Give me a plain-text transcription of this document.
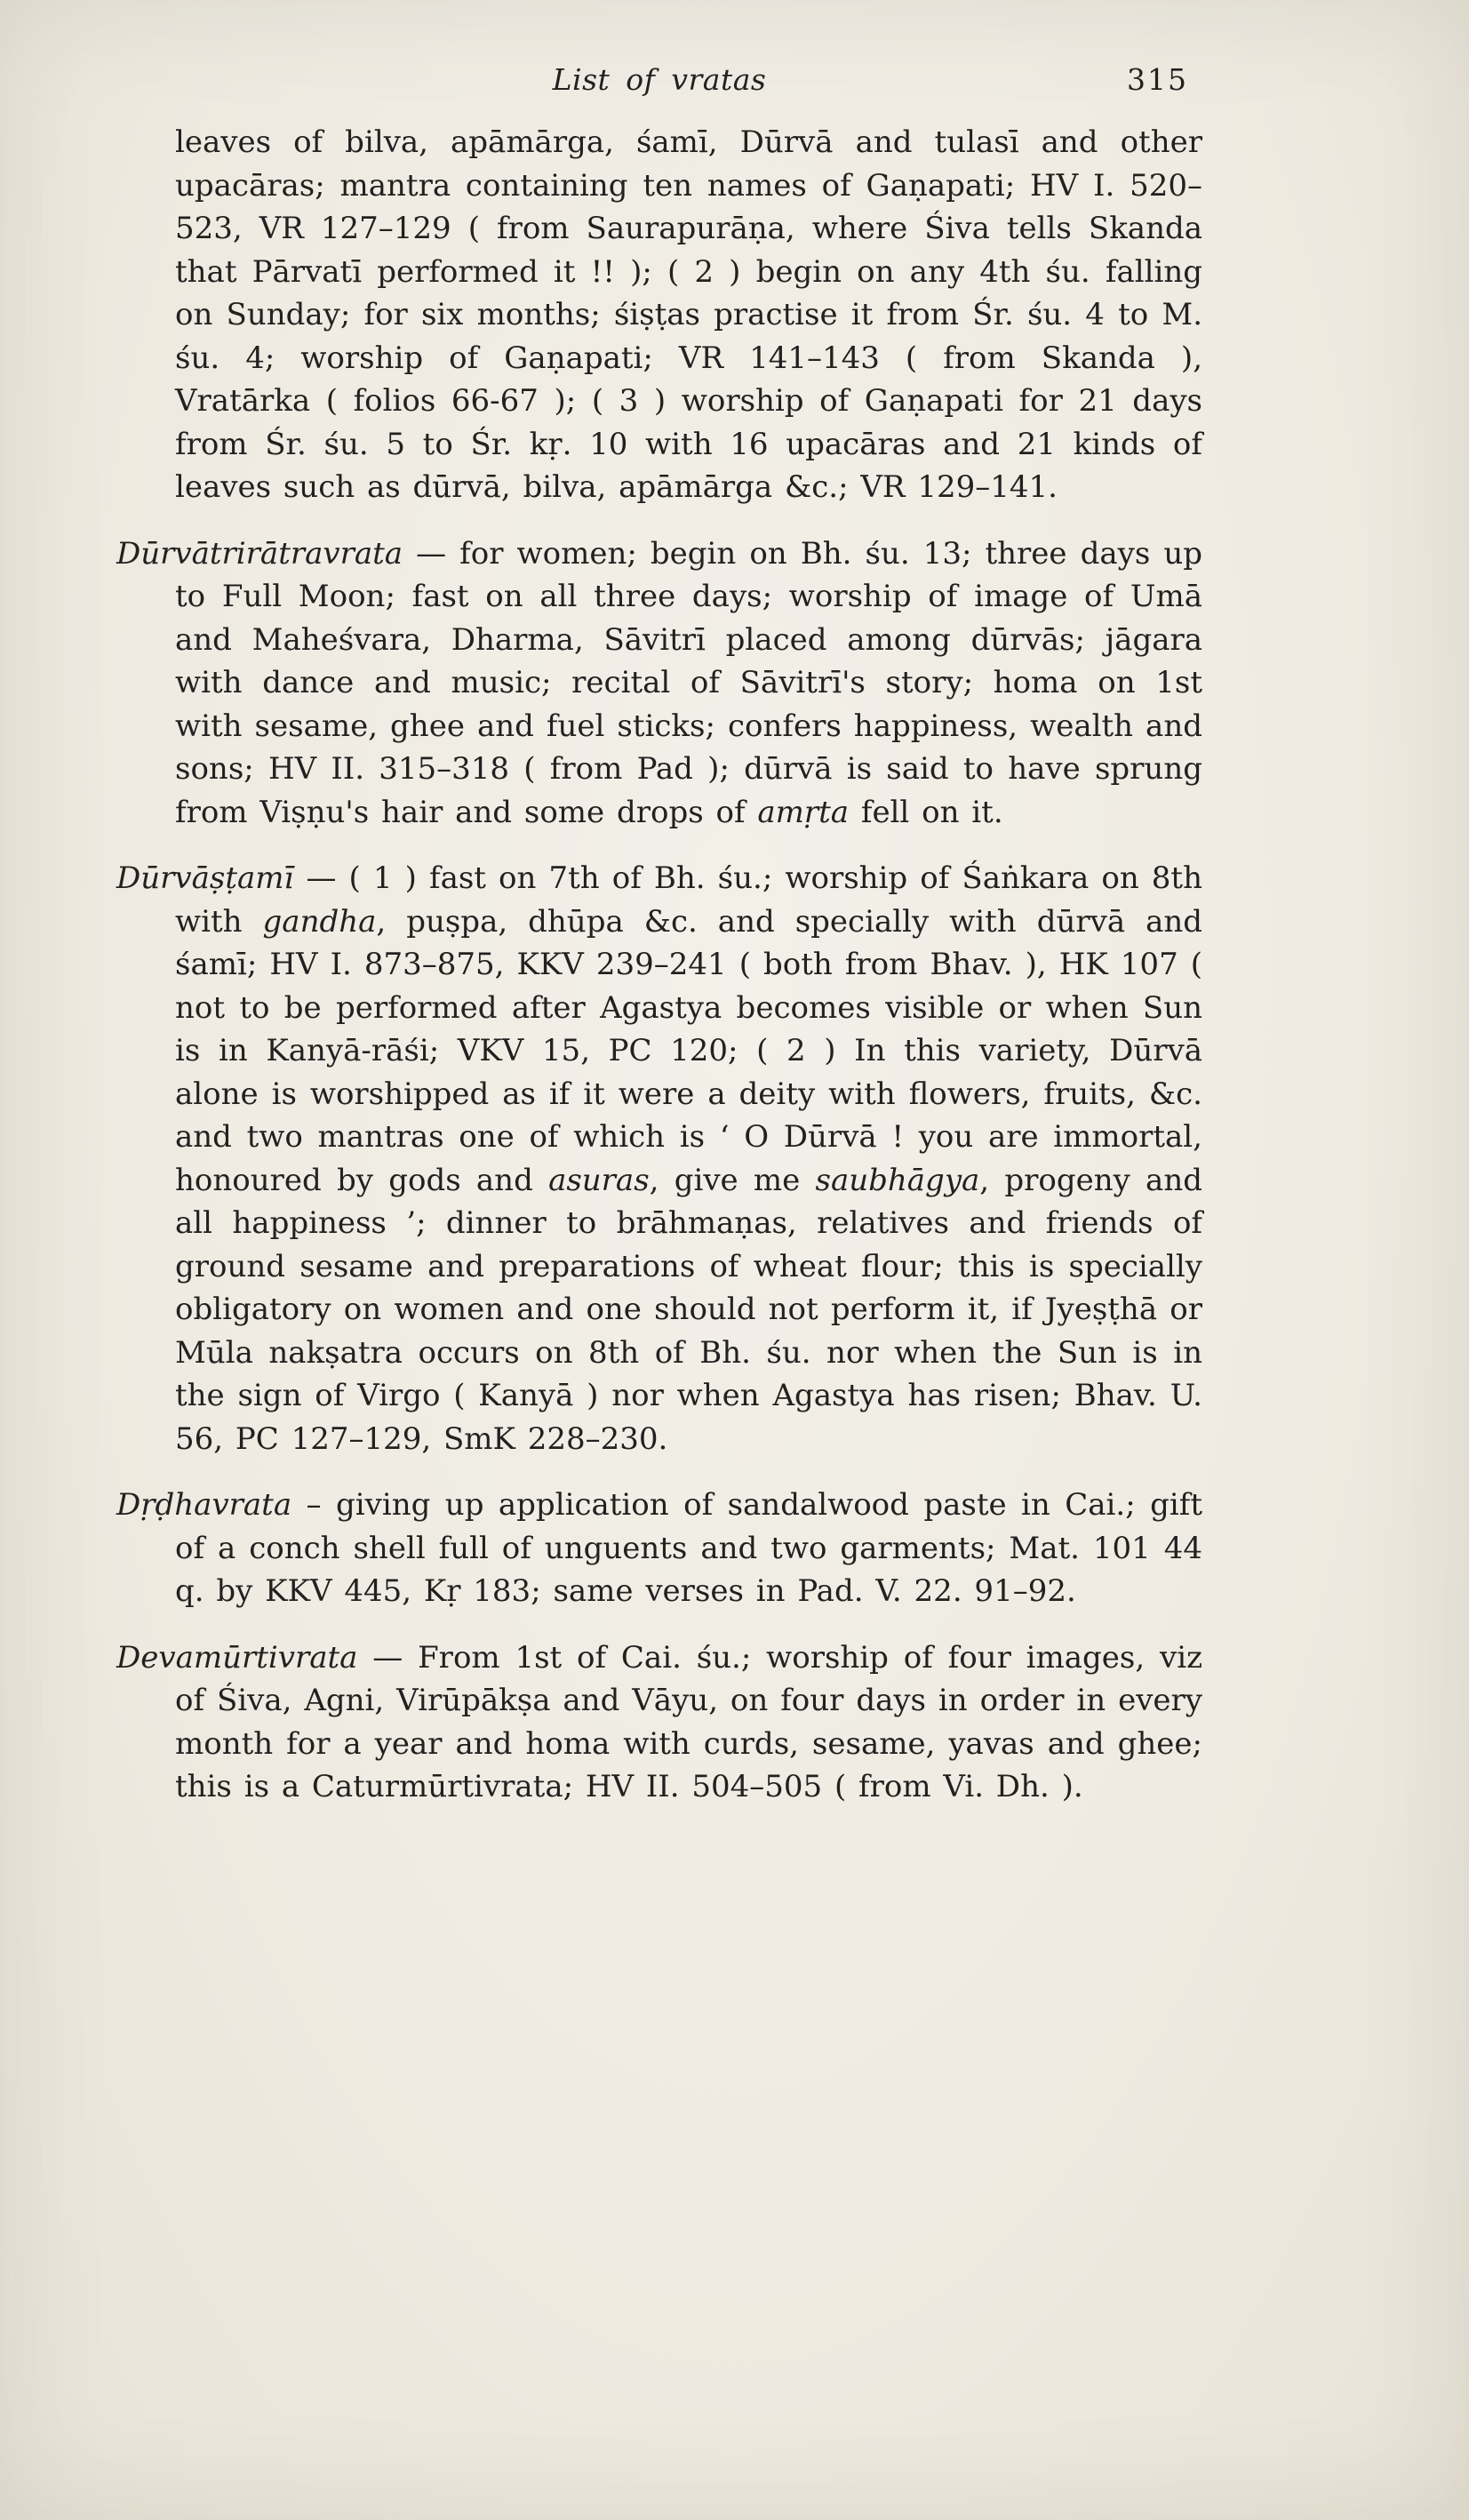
List of vratas	315

leaves of bilva, apāmārga, śamī, Dūrvā and tulasī and other upacāras; mantra containing ten names of Gaṇapati; HV I. 520–523, VR 127–129 ( from Saurapurāṇa, where Śiva tells Skanda that Pārvatī performed it !! ); ( 2 ) begin on any 4th śu. falling on Sunday; for six months; śiṣṭas practise it from Śr. śu. 4 to M. śu. 4; worship of Gaṇapati; VR 141–143 ( from Skanda ), Vratārka ( folios 66-67 ); ( 3 ) worship of Gaṇapati for 21 days from Śr. śu. 5 to Śr. kṛ. 10 with 16 upacāras and 21 kinds of leaves such as dūrvā, bilva, apāmārga &c.; VR 129–141.

Dūrvātrirātravrata — for women; begin on Bh. śu. 13; three days up to Full Moon; fast on all three days; worship of image of Umā and Maheśvara, Dharma, Sāvitrī placed among dūrvās; jāgara with dance and music; recital of Sāvitrī's story; homa on 1st with sesame, ghee and fuel sticks; confers happiness, wealth and sons; HV II. 315–318 ( from Pad ); dūrvā is said to have sprung from Viṣṇu's hair and some drops of amṛta fell on it.

Dūrvāṣṭamī — ( 1 ) fast on 7th of Bh. śu.; worship of Śaṅkara on 8th with gandha, puṣpa, dhūpa &c. and specially with dūrvā and śamī; HV I. 873–875, KKV 239–241 ( both from Bhav. ), HK 107 ( not to be performed after Agastya becomes visible or when Sun is in Kanyā-rāśi; VKV 15, PC 120; ( 2 ) In this variety, Dūrvā alone is worshipped as if it were a deity with flowers, fruits, &c. and two mantras one of which is ‘ O Dūrvā ! you are immortal, honoured by gods and asuras, give me saubhāgya, progeny and all happiness ’; dinner to brāhmaṇas, relatives and friends of ground sesame and preparations of wheat flour; this is specially obligatory on women and one should not perform it, if Jyeṣṭhā or Mūla nakṣatra occurs on 8th of Bh. śu. nor when the Sun is in the sign of Virgo ( Kanyā ) nor when Agastya has risen; Bhav. U. 56, PC 127–129, SmK 228–230.

Dṛḍhavrata – giving up application of sandalwood paste in Cai.; gift of a conch shell full of unguents and two garments; Mat. 101 44 q. by KKV 445, Kṛ 183; same verses in Pad. V. 22. 91–92.

Devamūrtivrata — From 1st of Cai. śu.; worship of four images, viz of Śiva, Agni, Virūpākṣa and Vāyu, on four days in order in every month for a year and homa with curds, sesame, yavas and ghee; this is a Caturmūrtivrata; HV II. 504–505 ( from Vi. Dh. ).
